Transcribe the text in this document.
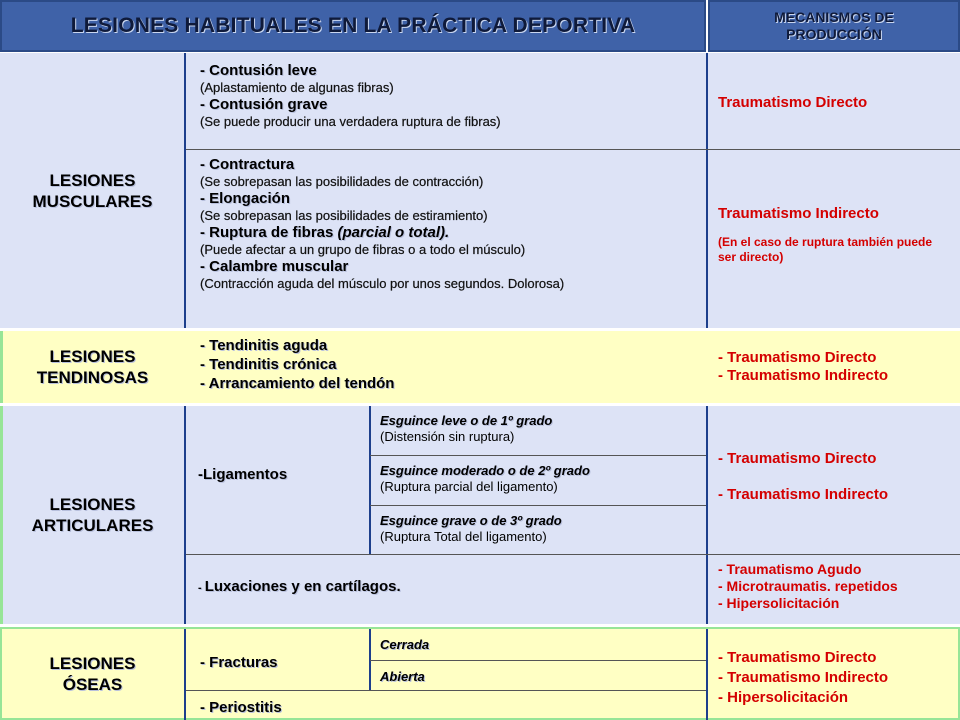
LESIONES HABITUALES EN LA PRÁCTICA DEPORTIVA	MECANISMOS DE PRODUCCIÓN
LESIONES
MUSCULARES
- Contusión leve
(Aplastamiento de algunas fibras)
- Contusión grave
(Se puede producir una verdadera ruptura de fibras)
Traumatismo Directo
- Contractura
(Se sobrepasan las posibilidades de contracción)
- Elongación
(Se sobrepasan las posibilidades de estiramiento)
- Ruptura de fibras (parcial o total).
(Puede afectar a un grupo de fibras o a todo el músculo)
- Calambre muscular
(Contracción aguda del músculo por unos segundos. Dolorosa)
Traumatismo Indirecto
(En el caso de ruptura también puede ser directo)
LESIONES
TENDINOSAS
- Tendinitis aguda
- Tendinitis crónica
- Arrancamiento del tendón
- Traumatismo Directo
- Traumatismo Indirecto
LESIONES
ARTICULARES
-Ligamentos
Esguince leve o de 1º grado
(Distensión sin ruptura)
Esguince moderado o de 2º grado
(Ruptura parcial del ligamento)
Esguince grave o de 3º grado
(Ruptura Total del ligamento)
- Traumatismo Directo
- Traumatismo Indirecto
- Luxaciones y en cartílagos.
- Traumatismo Agudo
- Microtraumatis. repetidos
- Hipersolicitación
LESIONES
ÓSEAS
- Fracturas
Cerrada
Abierta
- Periostitis
- Traumatismo Directo
- Traumatismo Indirecto
- Hipersolicitación
